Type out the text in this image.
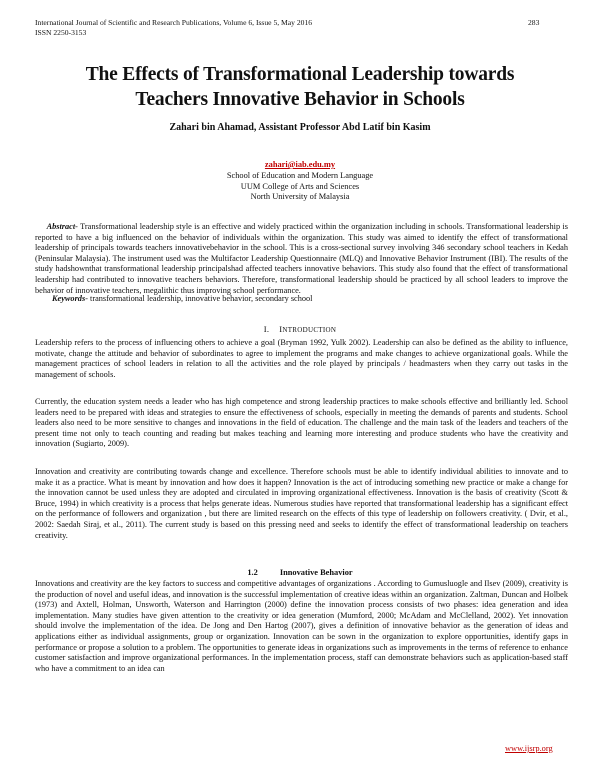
International Journal of Scientific and Research Publications, Volume 6, Issue 5, May 2016
ISSN 2250-3153
283
The Effects of Transformational Leadership towards
Teachers Innovative Behavior in Schools
Zahari bin Ahamad, Assistant Professor Abd Latif bin Kasim
zahari@iab.edu.my
School of Education and Modern Language
UUM College of Arts and Sciences
North University of Malaysia
Abstract- Transformational leadership style is an effective and widely practiced within the organization including in schools. Transformational leadership is reported to have a big influenced on the behavior of individuals within the organization. This study was aimed to identify the effect of transformational leadership of principals towards teachers innovativebehavior in the school. This is a cross-sectional survey involving 346 secondary school teachers in Kedah (Peninsular Malaysia). The instrument used was the Multifactor Leadership Questionnaire (MLQ) and Innovative Behavior Instrument (IBI). The results of the study hadshownthat transformational leadership principalshad affected teachers innovative behaviors. This study also found that the effect of transformational leadership had contributed to innovative teachers behaviors. Therefore, transformational leadership should be practiced by all school leaders to improve the behavior of innovative teachers, megalithic thus improving school performance.
Keywords- transformational leadership, innovative behavior, secondary school
I. INTRODUCTION
Leadership refers to the process of influencing others to achieve a goal (Bryman 1992, Yulk 2002). Leadership can also be defined as the ability to influence, motivate, change the attitude and behavior of subordinates to agree to implement the programs and make changes to achieve organizational goals. While the management practices of school leaders in relation to all the activities and the role played by principals / headmasters when they carry out tasks in the management of schools.
Currently, the education system needs a leader who has high competence and strong leadership practices to make schools effective and brilliantly led. School leaders need to be prepared with ideas and strategies to ensure the effectiveness of schools, especially in meeting the demands of parents and students. School leaders also need to be more sensitive to changes and innovations in the field of education. The challenge and the main task of the leaders and teachers of the present time not only to teach counting and reading but makes teaching and learning more interesting and produce students who have the creativity and innovation (Sugiarto, 2009).
Innovation and creativity are contributing towards change and excellence. Therefore schools must be able to identify individual abilities to innovate and to make it as a practice. What is meant by innovation and how does it happen? Innovation is the act of introducing something new practice or make a change for the innovation cannot be used unless they are adopted and circulated in improving organizational effectiveness. Innovation is the basis of creativity (Scott & Bruce, 1994) in which creativity is a process that helps generate ideas. Numerous studies have reported that transformational leadership has a significant effect on the performance of followers and organization , but there are limited research on the effects of this type of leadership on followers creativity. ( Dvir, et al., 2002: Saedah Siraj, et al., 2011). The current study is based on this pressing need and seeks to identify the effect of transformational leadership on teachers creativity.
1.2	Innovative Behavior
Innovations and creativity are the key factors to success and competitive advantages of organizations . According to Gumusluogle and Ilsev (2009), creativity is the production of novel and useful ideas, and innovation is the successful implementation of creative ideas within an organization. Zaltman, Duncan and Holbek (1973) and Axtell, Holman, Unsworth, Waterson and Harrington (2000) define the innovation process consists of two phases: idea generation and idea implementation. Many studies have given attention to the creativity or idea generation (Mumford, 2000; McAdam and McClelland, 2002). Yet innovation should involve the implementation of the idea. De Jong and Den Hartog (2007), gives a definition of innovative behavior as the generation of ideas and applications either as individual assignments, group or organization. Innovation can be sown in the organization to explore opportunities, identify gaps in performance or propose a solution to a problem. The opportunities to generate ideas in organizations such as improvements in the terms of reference to enhance customer satisfaction and improve organizational performances. In the implementation process, staff can demonstrate behaviors such as application-based staff who have a commitment to an idea can
www.ijsrp.org
